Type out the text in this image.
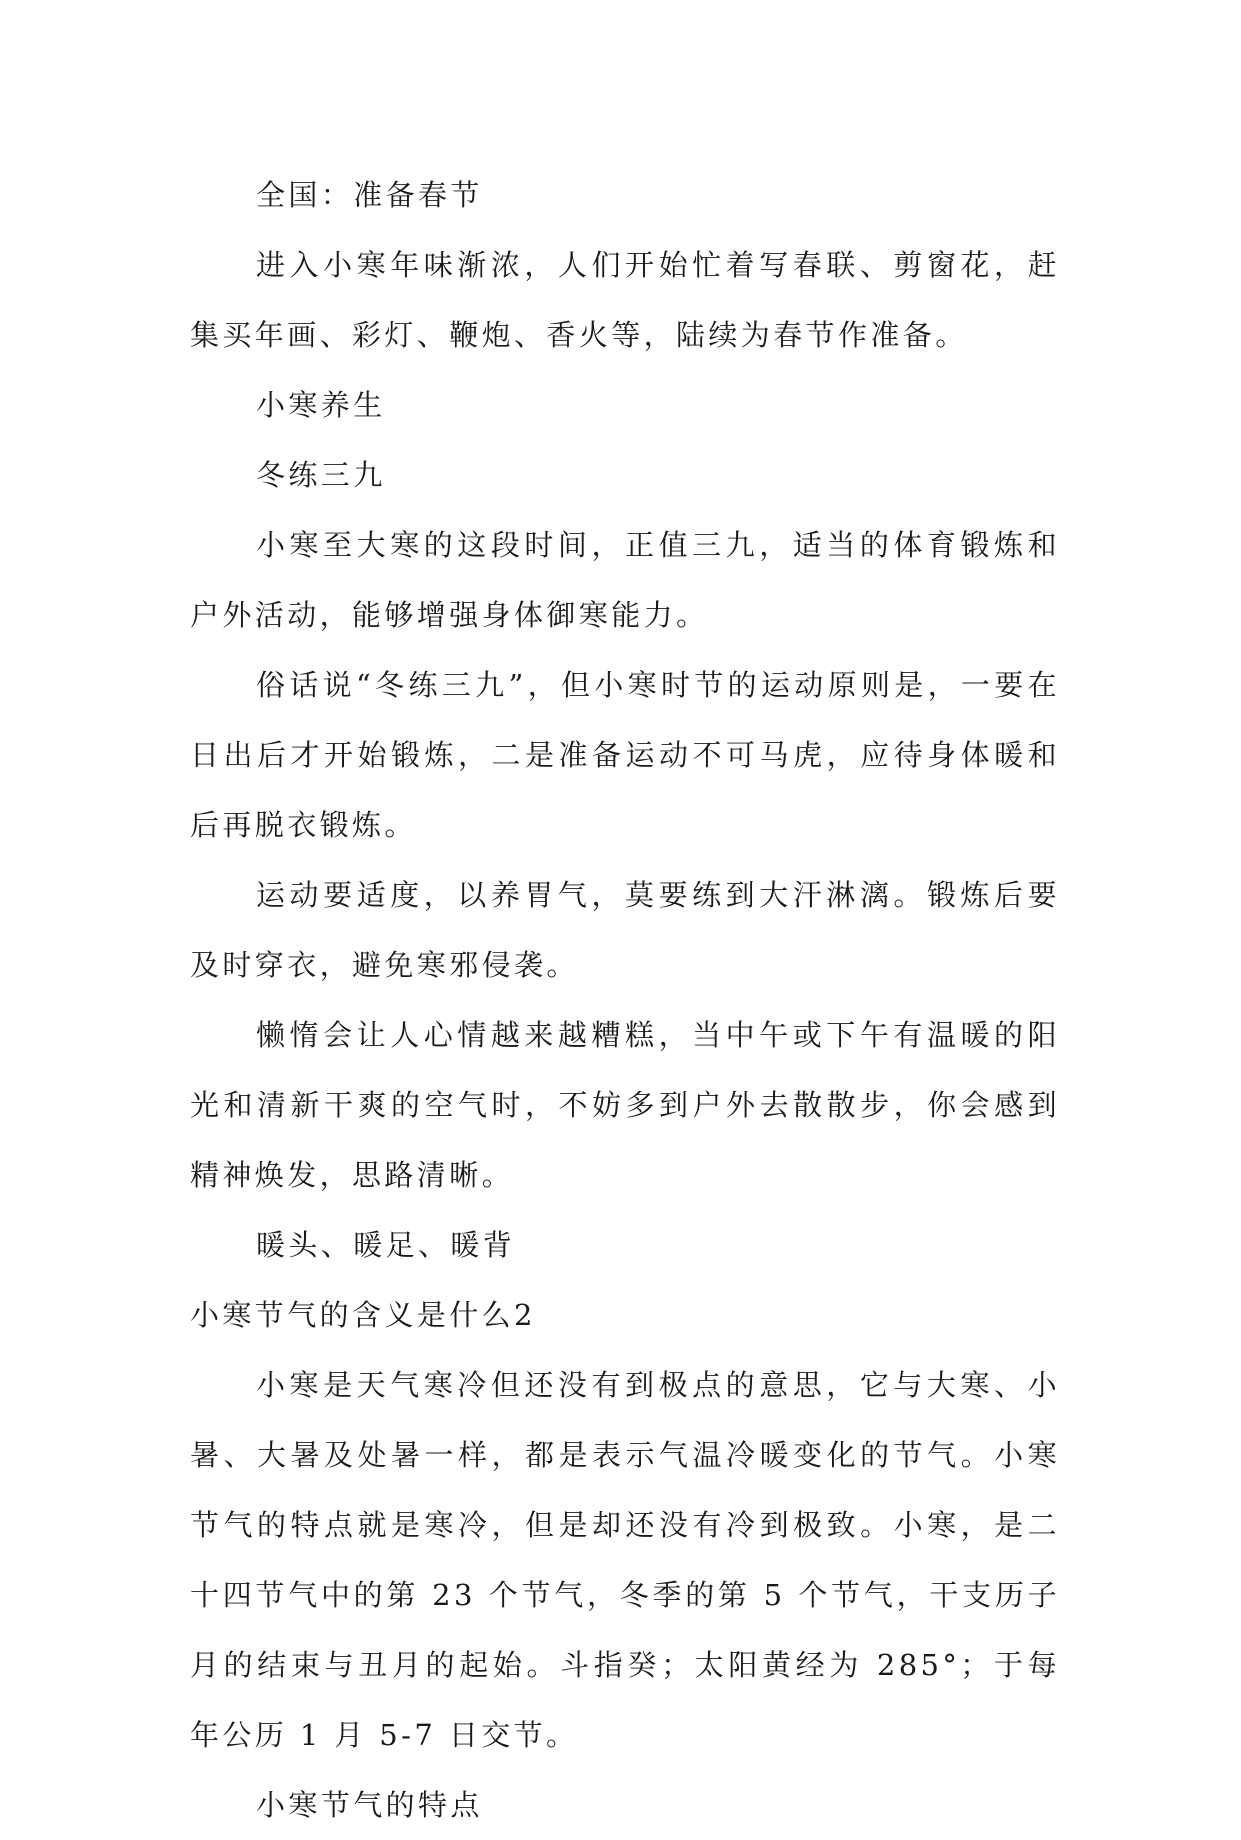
全国：准备春节

进入小寒年味渐浓，人们开始忙着写春联、剪窗花，赶集买年画、彩灯、鞭炮、香火等，陆续为春节作准备。

小寒养生

冬练三九

小寒至大寒的这段时间，正值三九，适当的体育锻炼和户外活动，能够增强身体御寒能力。

俗话说“冬练三九”，但小寒时节的运动原则是，一要在日出后才开始锻炼，二是准备运动不可马虎，应待身体暖和后再脱衣锻炼。

运动要适度，以养胃气，莫要练到大汗淋漓。锻炼后要及时穿衣，避免寒邪侵袭。

懒惰会让人心情越来越糟糕，当中午或下午有温暖的阳光和清新干爽的空气时，不妨多到户外去散散步，你会感到精神焕发，思路清晰。

暖头、暖足、暖背

小寒节气的含义是什么2

小寒是天气寒冷但还没有到极点的意思，它与大寒、小暑、大暑及处暑一样，都是表示气温冷暖变化的节气。小寒节气的特点就是寒冷，但是却还没有冷到极致。小寒，是二十四节气中的第 23 个节气，冬季的第 5 个节气，干支历子月的结束与丑月的起始。斗指癸；太阳黄经为 285°；于每年公历 1 月 5-7 日交节。

小寒节气的特点
